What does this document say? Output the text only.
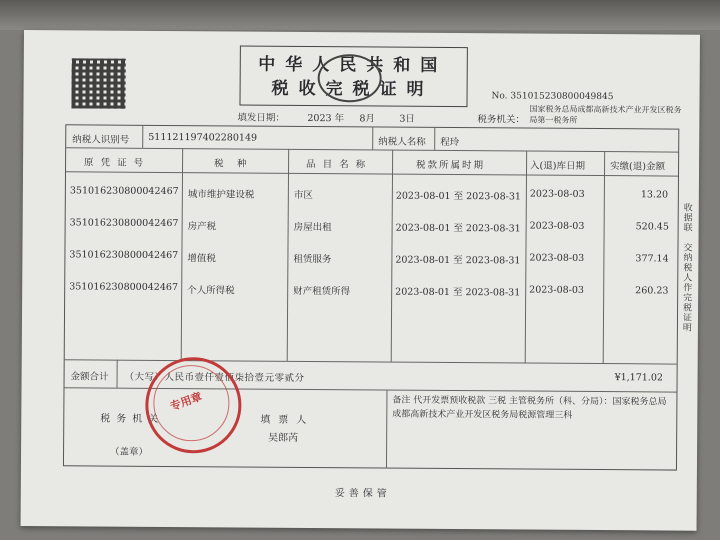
中华人民共和国
税收完税证明	No. 351015230800049845
填发日期： 2023 年 8月	3日	税务机关：
国家税务总局成都高新技术产业开发区税务
局第一税务所
纳税人识别号 511121197402280149	纳税人名称 程玲
原 凭 证 号	税　种	品 目 名 称	税款所属时期	入(退)库日期	实缴(退)金额
351016230800042467 城市维护建设税	市区	2023-08-01 至 2023-08-31 2023-08-03	13.20
351016230800042467 房产税	房屋出租	2023-08-01 至 2023-08-31 2023-08-03	520.45
351016230800042467 增值税	租赁服务	2023-08-01 至 2023-08-31 2023-08-03	377.14
351016230800042467 个人所得税	财产租赁所得	2023-08-01 至 2023-08-31 2023-08-03	260.23
金额合计 （大写）人民币壹仟壹佰柒拾壹元零贰分	¥1,171.02
税务机关
（盖章）
填票人
吴郎芮
备注 代开发票预收税款 三税 主管税务所（科、分局）：国家税务总局成都高新技术产业开发区税务局税源管理三科
收据联
交纳税人作完税证明
专用章
妥善保管
